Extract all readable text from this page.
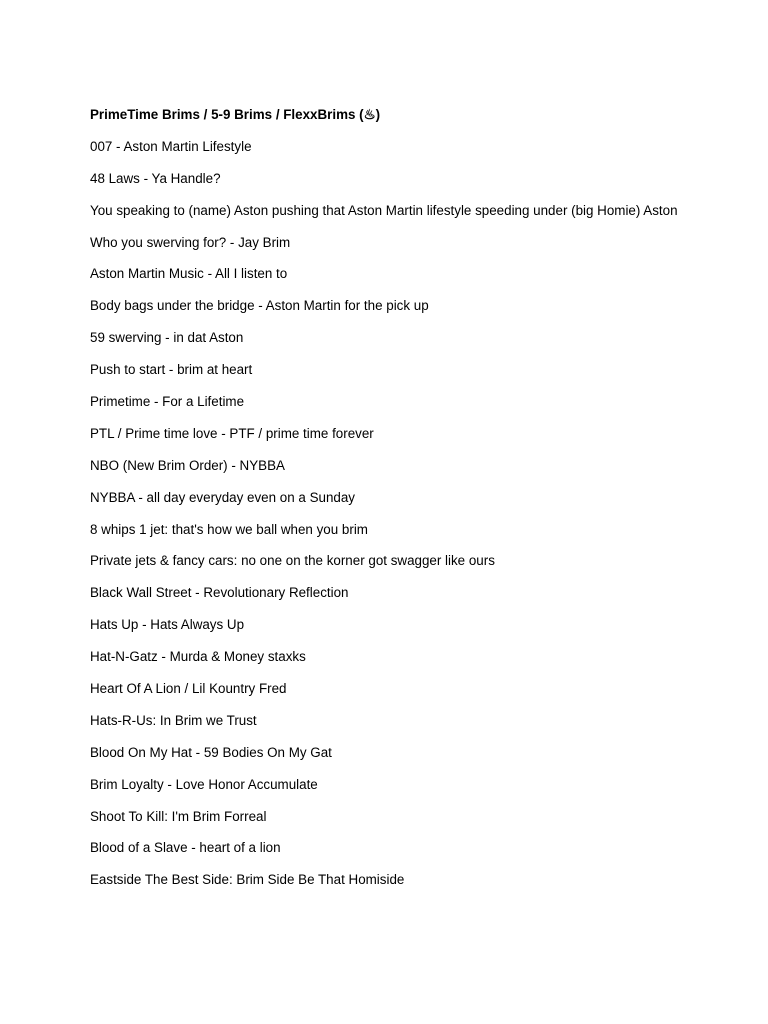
PrimeTime Brims / 5-9 Brims / FlexxBrims (♨)

007 - Aston Martin Lifestyle
48 Laws - Ya Handle?
You speaking to (name) Aston pushing that Aston Martin lifestyle speeding under (big Homie) Aston
Who you swerving for? - Jay Brim
Aston Martin Music - All I listen to
Body bags under the bridge - Aston Martin for the pick up
59 swerving - in dat Aston
Push to start - brim at heart
Primetime - For a Lifetime
PTL / Prime time love - PTF / prime time forever
NBO (New Brim Order) - NYBBA
NYBBA - all day everyday even on a Sunday
8 whips 1 jet: that's how we ball when you brim
Private jets & fancy cars: no one on the korner got swagger like ours
Black Wall Street - Revolutionary Reflection
Hats Up - Hats Always Up
Hat-N-Gatz - Murda & Money staxks
Heart Of A Lion / Lil Kountry Fred
Hats-R-Us: In Brim we Trust
Blood On My Hat - 59 Bodies On My Gat
Brim Loyalty - Love Honor Accumulate
Shoot To Kill: I'm Brim Forreal
Blood of a Slave - heart of a lion
Eastside The Best Side: Brim Side Be That Homiside
